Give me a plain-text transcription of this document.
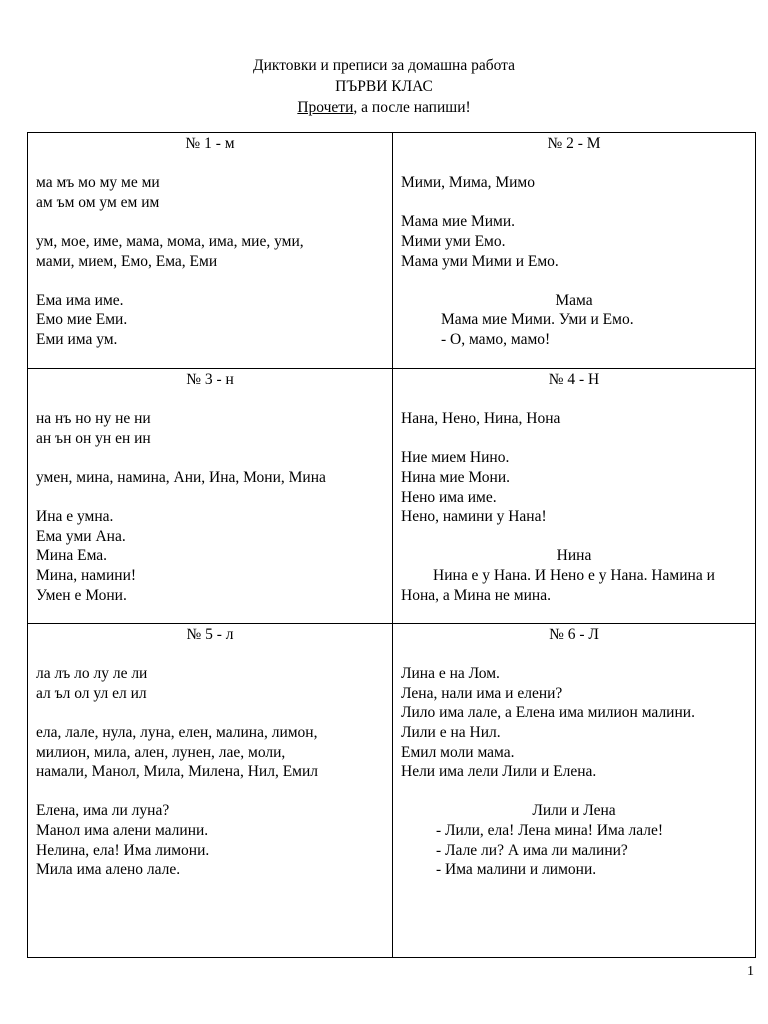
Диктовки и преписи за домашна работа
ПЪРВИ КЛАС
Прочети, а после напиши!
№ 1 - м
ма мъ мо му ме ми
ам ъм ом ум ем им
ум, мое, име, мама, мома, има, мие, уми,
мами, мием, Емо, Ема, Еми
Ема има име.
Емо мие Еми.
Еми има ум.
№ 2 - М
Мими, Мима, Мимо
Мама мие Мими.
Мими уми Емо.
Мама уми Мими и Емо.
Мама
Мама мие Мими. Уми и Емо.
- О, мамо, мамо!
№ 3 - н
на нъ но ну не ни
ан ън он ун ен ин
умен, мина, намина, Ани, Ина, Мони, Мина
Ина е умна.
Ема уми Ана.
Мина Ема.
Мина, намини!
Умен е Мони.
№ 4 - Н
Нана, Нено, Нина, Нона
Ние мием Нино.
Нина мие Мони.
Нено има име.
Нено, намини у Нана!
Нина
Нина е у Нана. И Нено е у Нана. Намина и Нона, а Мина не мина.
№ 5 - л
ла лъ ло лу ле ли
ал ъл ол ул ел ил
ела, лале, нула, луна, елен, малина, лимон,
милион, мила, ален, лунен, лае, моли,
намали, Манол, Мила, Милена, Нил, Емил
Елена, има ли луна?
Манол има алени малини.
Нелина, ела! Има лимони.
Мила има алено лале.
№ 6 - Л
Лина е на Лом.
Лена, нали има и елени?
Лило има лале, а Елена има милион малини.
Лили е на Нил.
Емил моли мама.
Нели има лели Лили и Елена.
Лили и Лена
- Лили, ела! Лена мина! Има лале!
- Лале ли? А има ли малини?
- Има малини и лимони.
1
